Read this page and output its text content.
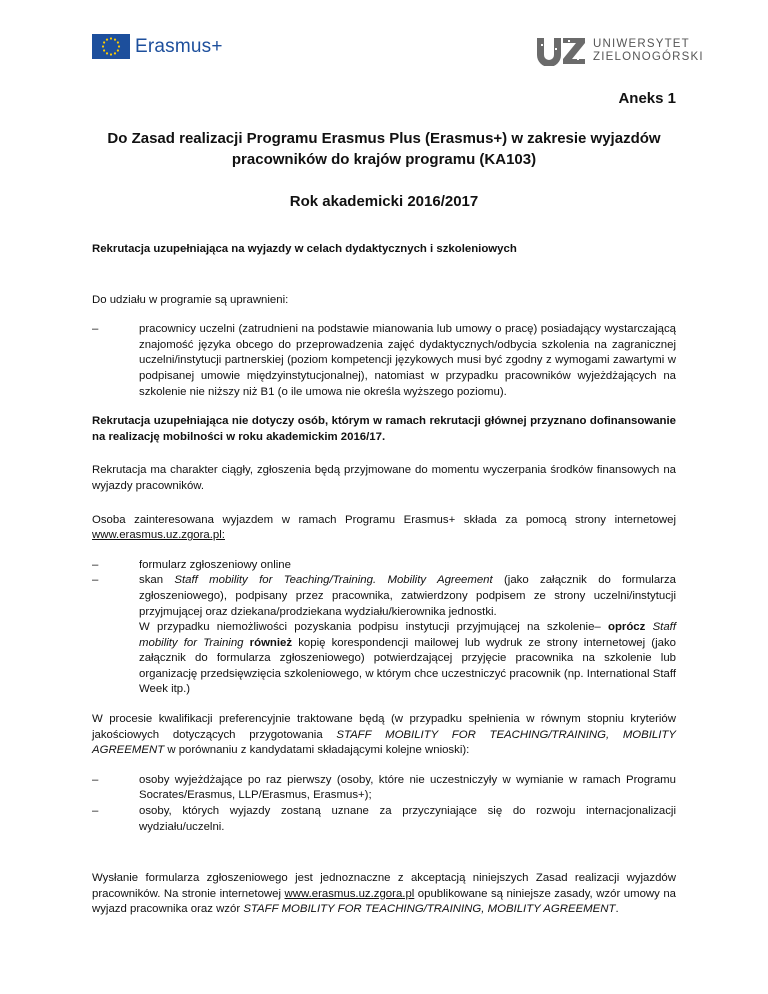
Erasmus+	UNIWERSYTET
ZIELONOGÓRSKI
Aneks 1
Do Zasad realizacji Programu Erasmus Plus (Erasmus+) w zakresie wyjazdów pracowników do krajów programu (KA103)
Rok akademicki 2016/2017

Rekrutacja uzupełniająca na wyjazdy w celach dydaktycznych i szkoleniowych

Do udziału w programie są uprawnieni:

– pracownicy uczelni (zatrudnieni na podstawie mianowania lub umowy o pracę) posiadający wystarczającą znajomość języka obcego do przeprowadzenia zajęć dydaktycznych/odbycia szkolenia na zagranicznej uczelni/instytucji partnerskiej (poziom kompetencji językowych musi być zgodny z wymogami zawartymi w podpisanej umowie międzyinstytucjonalnej), natomiast w przypadku pracowników wyjeżdżających na szkolenie nie niższy niż B1 (o ile umowa nie określa wyższego poziomu).

Rekrutacja uzupełniająca nie dotyczy osób, którym w ramach rekrutacji głównej przyznano dofinansowanie na realizację mobilności w roku akademickim 2016/17.

Rekrutacja ma charakter ciągły, zgłoszenia będą przyjmowane do momentu wyczerpania środków finansowych na wyjazdy pracowników.

Osoba zainteresowana wyjazdem w ramach Programu Erasmus+ składa za pomocą strony internetowej www.erasmus.uz.zgora.pl:

– formularz zgłoszeniowy online
– skan Staff mobility for Teaching/Training. Mobility Agreement (jako załącznik do formularza zgłoszeniowego), podpisany przez pracownika, zatwierdzony podpisem ze strony uczelni/instytucji przyjmującej oraz dziekana/prodziekana wydziału/kierownika jednostki.
W przypadku niemożliwości pozyskania podpisu instytucji przyjmującej na szkolenie– oprócz Staff mobility for Training również kopię korespondencji mailowej lub wydruk ze strony internetowej (jako załącznik do formularza zgłoszeniowego) potwierdzającej przyjęcie pracownika na szkolenie lub organizację przedsięwzięcia szkoleniowego, w którym chce uczestniczyć pracownik (np. International Staff Week itp.)

W procesie kwalifikacji preferencyjnie traktowane będą (w przypadku spełnienia w równym stopniu kryteriów jakościowych dotyczących przygotowania STAFF MOBILITY FOR TEACHING/TRAINING, MOBILITY AGREEMENT w porównaniu z kandydatami składającymi kolejne wnioski):

– osoby wyjeżdżające po raz pierwszy (osoby, które nie uczestniczyły w wymianie w ramach Programu Socrates/Erasmus, LLP/Erasmus, Erasmus+);
– osoby, których wyjazdy zostaną uznane za przyczyniające się do rozwoju internacjonalizacji wydziału/uczelni.

Wysłanie formularza zgłoszeniowego jest jednoznaczne z akceptacją niniejszych Zasad realizacji wyjazdów pracowników. Na stronie internetowej www.erasmus.uz.zgora.pl opublikowane są niniejsze zasady, wzór umowy na wyjazd pracownika oraz wzór STAFF MOBILITY FOR TEACHING/TRAINING, MOBILITY AGREEMENT.
